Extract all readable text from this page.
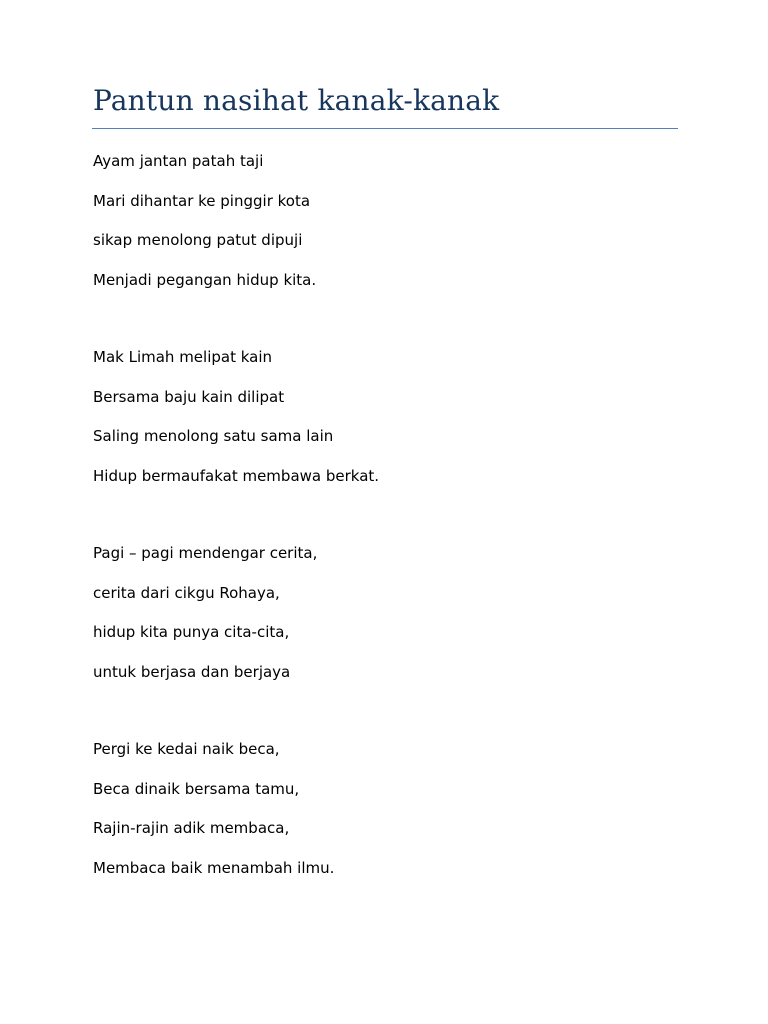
Pantun nasihat kanak-kanak
Ayam jantan patah taji
Mari dihantar ke pinggir kota
sikap menolong patut dipuji
Menjadi pegangan hidup kita.
Mak Limah melipat kain
Bersama baju kain dilipat
Saling menolong satu sama lain
Hidup bermaufakat membawa berkat.
Pagi – pagi mendengar cerita,
cerita dari cikgu Rohaya,
hidup kita punya cita-cita,
untuk berjasa dan berjaya
Pergi ke kedai naik beca,
Beca dinaik bersama tamu,
Rajin-rajin adik membaca,
Membaca baik menambah ilmu.
